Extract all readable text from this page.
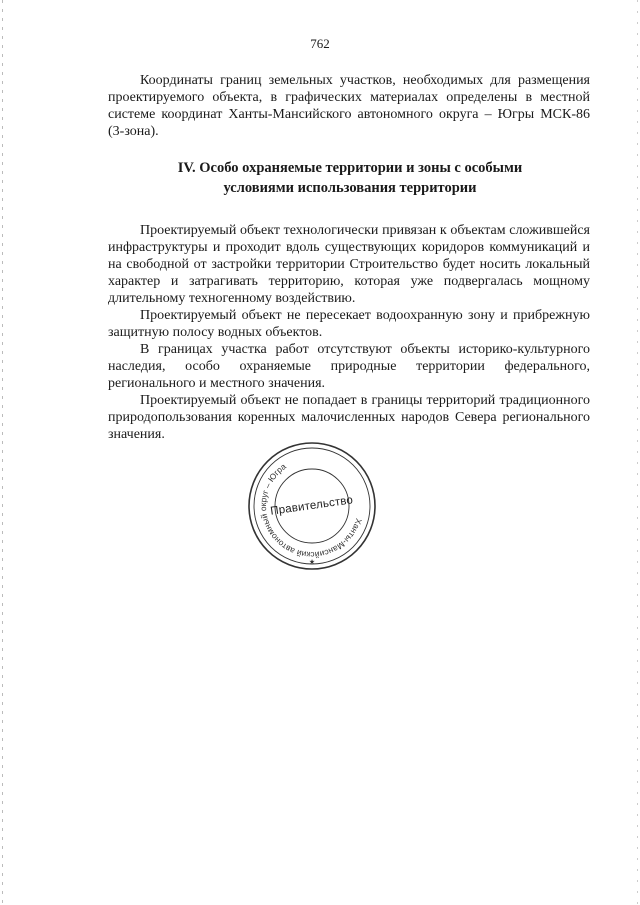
762

Координаты границ земельных участков, необходимых для размещения проектируемого объекта, в графических материалах определены в местной системе координат Ханты-Мансийского автономного округа – Югры МСК-86 (3-зона).

IV. Особо охраняемые территории и зоны с особыми
условиями использования территории

Проектируемый объект технологически привязан к объектам сложившейся инфраструктуры и проходит вдоль существующих коридоров коммуникаций и на свободной от застройки территории Строительство будет носить локальный характер и затрагивать территорию, которая уже подвергалась мощному длительному техногенному воздействию.

Проектируемый объект не пересекает водоохранную зону и прибрежную защитную полосу водных объектов.

В границах участка работ отсутствуют объекты историко-культурного наследия, особо охраняемые природные территории федерального, регионального и местного значения.

Проектируемый объект не попадает в границы территорий традиционного природопользования коренных малочисленных народов Севера регионального значения.

Ханты-Мансийский автономный округ – Югра
★
Правительство
